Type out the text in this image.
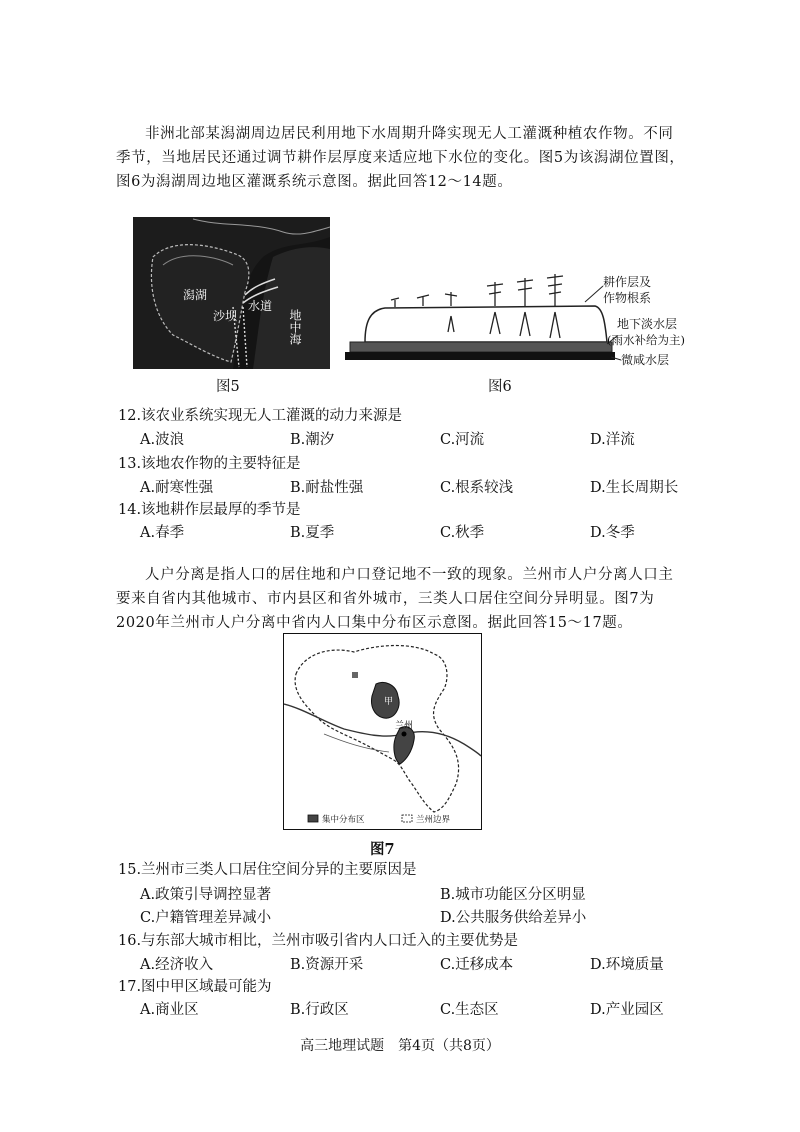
非洲北部某潟湖周边居民利用地下水周期升降实现无人工灌溉种植农作物。不同季节，当地居民还通过调节耕作层厚度来适应地下水位的变化。图5为该潟湖位置图，图6为潟湖周边地区灌溉系统示意图。据此回答12～14题。

潟湖
水道
沙坝	地中海

图5

耕作层及
作物根系
地下淡水层
(雨水补给为主)
微咸水层

图6

12.该农业系统实现无人工灌溉的动力来源是

A.波浪	B.潮汐	C.河流	D.洋流

13.该地农作物的主要特征是

A.耐寒性强	B.耐盐性强	C.根系较浅	D.生长周期长

14.该地耕作层最厚的季节是

A.春季	B.夏季	C.秋季	D.冬季

人户分离是指人口的居住地和户口登记地不一致的现象。兰州市人户分离人口主要来自省内其他城市、市内县区和省外城市，三类人口居住空间分异明显。图7为2020年兰州市人户分离中省内人口集中分布区示意图。据此回答15～17题。

兰州
甲
集中分布区	兰州边界

图7

15.兰州市三类人口居住空间分异的主要原因是

A.政策引导调控显著	B.城市功能区分区明显

C.户籍管理差异减小	D.公共服务供给差异小

16.与东部大城市相比，兰州市吸引省内人口迁入的主要优势是

A.经济收入	B.资源开采	C.迁移成本	D.环境质量

17.图中甲区域最可能为

A.商业区	B.行政区	C.生态区	D.产业园区

高三地理试题　第4页（共8页）
